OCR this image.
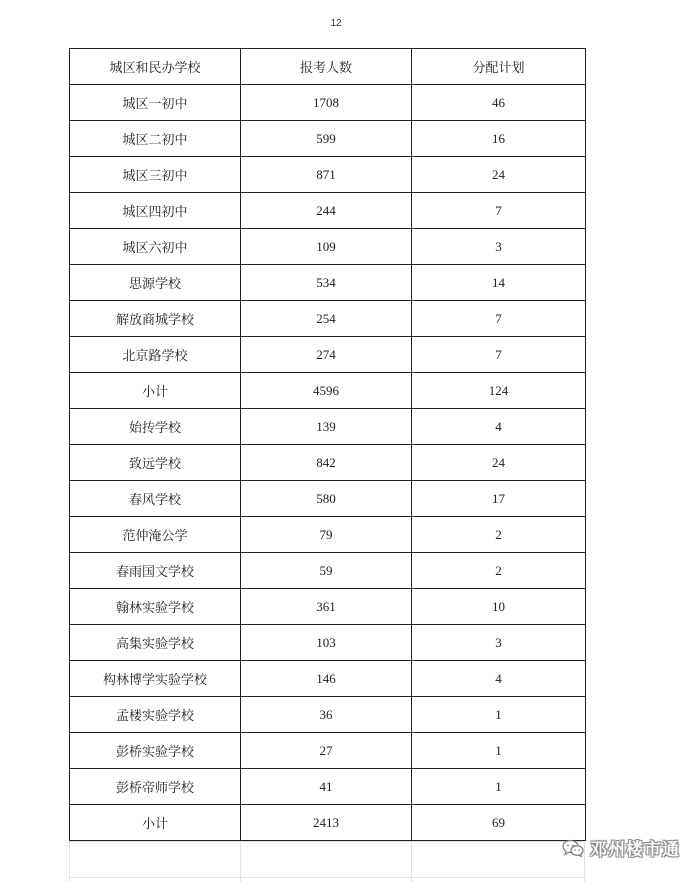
12
城区和民办学校	报考人数	分配计划
城区一初中	1708	46
城区二初中	599	16
城区三初中	871	24
城区四初中	244	7
城区六初中	109	3
思源学校	534	14
解放商城学校	254	7
北京路学校	274	7
小计	4596	124
始抟学校	139	4
致远学校	842	24
春风学校	580	17
范仲淹公学	79	2
春雨国文学校	59	2
翰林实验学校	361	10
高集实验学校	103	3
构林博学实验学校	146	4
孟楼实验学校	36	1
彭桥实验学校	27	1
彭桥帝师学校	41	1
小计	2413	69
邓州楼市通
